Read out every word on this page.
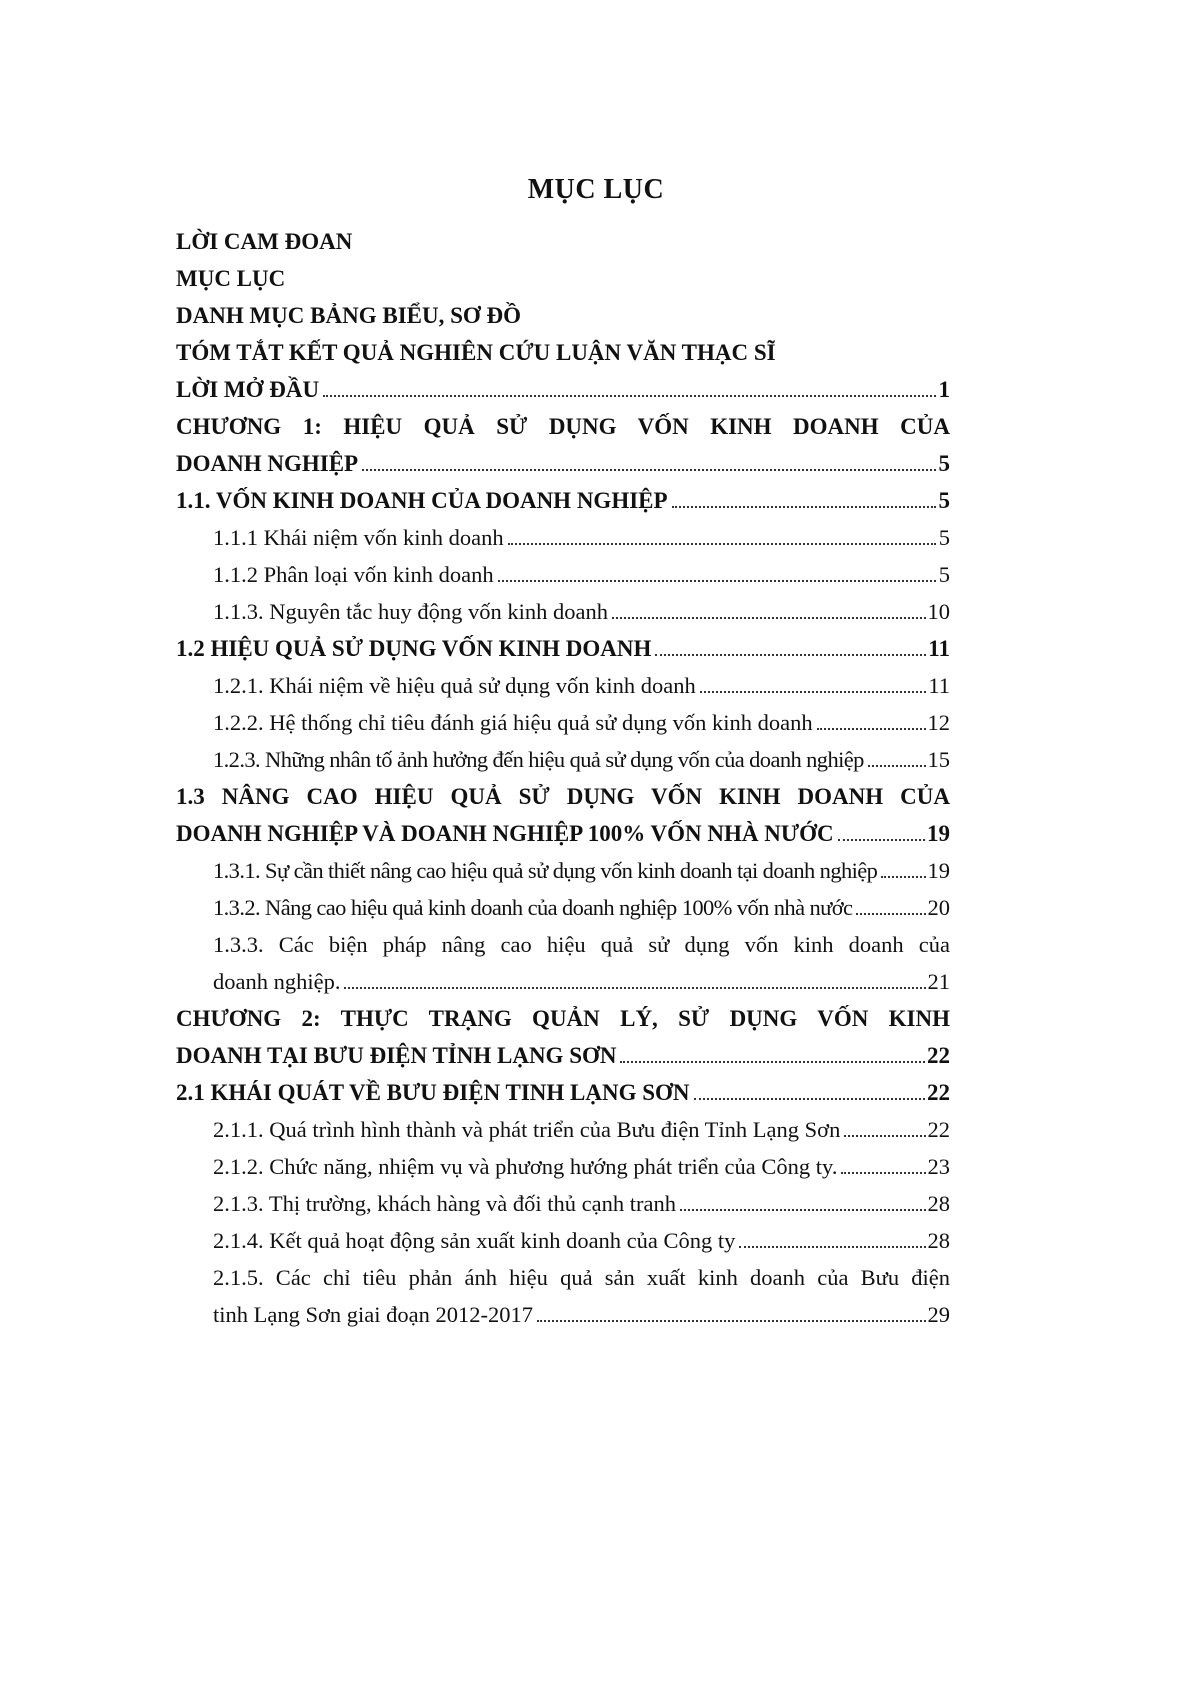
MỤC LỤC
LỜI CAM ĐOAN
MỤC LỤC
DANH MỤC BẢNG BIỂU, SƠ ĐỒ
TÓM TẮT KẾT QUẢ NGHIÊN CỨU LUẬN VĂN THẠC SĨ
LỜI MỞ ĐẦU	1
CHƯƠNG 1: HIỆU QUẢ SỬ DỤNG VỐN KINH DOANH CỦA
DOANH NGHIỆP	5
1.1. VỐN KINH DOANH CỦA DOANH NGHIỆP	5
1.1.1 Khái niệm vốn kinh doanh	5
1.1.2 Phân loại vốn kinh doanh	5
1.1.3. Nguyên tắc huy động vốn kinh doanh	10
1.2 HIỆU QUẢ SỬ DỤNG VỐN KINH DOANH	11
1.2.1. Khái niệm về hiệu quả sử dụng vốn kinh doanh	11
1.2.2. Hệ thống chỉ tiêu đánh giá hiệu quả sử dụng vốn kinh doanh	12
1.2.3. Những nhân tố ảnh hưởng đến hiệu quả sử dụng vốn của doanh nghiệp	15
1.3 NÂNG CAO HIỆU QUẢ SỬ DỤNG VỐN KINH DOANH CỦA
DOANH NGHIỆP VÀ DOANH NGHIỆP 100% VỐN NHÀ NƯỚC	19
1.3.1. Sự cần thiết nâng cao hiệu quả sử dụng vốn kinh doanh tại doanh nghiệp 19
1.3.2. Nâng cao hiệu quả kinh doanh của doanh nghiệp 100% vốn nhà nước	20
1.3.3. Các biện pháp nâng cao hiệu quả sử dụng vốn kinh doanh của
doanh nghiệp.	21
CHƯƠNG 2: THỰC TRẠNG QUẢN LÝ, SỬ DỤNG VỐN KINH
DOANH TẠI BƯU ĐIỆN TỈNH LẠNG SƠN	22
2.1 KHÁI QUÁT VỀ BƯU ĐIỆN TINH LẠNG SƠN	22
2.1.1. Quá trình hình thành và phát triển của Bưu điện Tỉnh Lạng Sơn	22
2.1.2. Chức năng, nhiệm vụ và phương hướng phát triển của Công ty.	23
2.1.3. Thị trường, khách hàng và đối thủ cạnh tranh	28
2.1.4. Kết quả hoạt động sản xuất kinh doanh của Công ty	28
2.1.5. Các chỉ tiêu phản ánh hiệu quả sản xuất kinh doanh của Bưu điện
tinh Lạng Sơn giai đoạn 2012-2017	29
